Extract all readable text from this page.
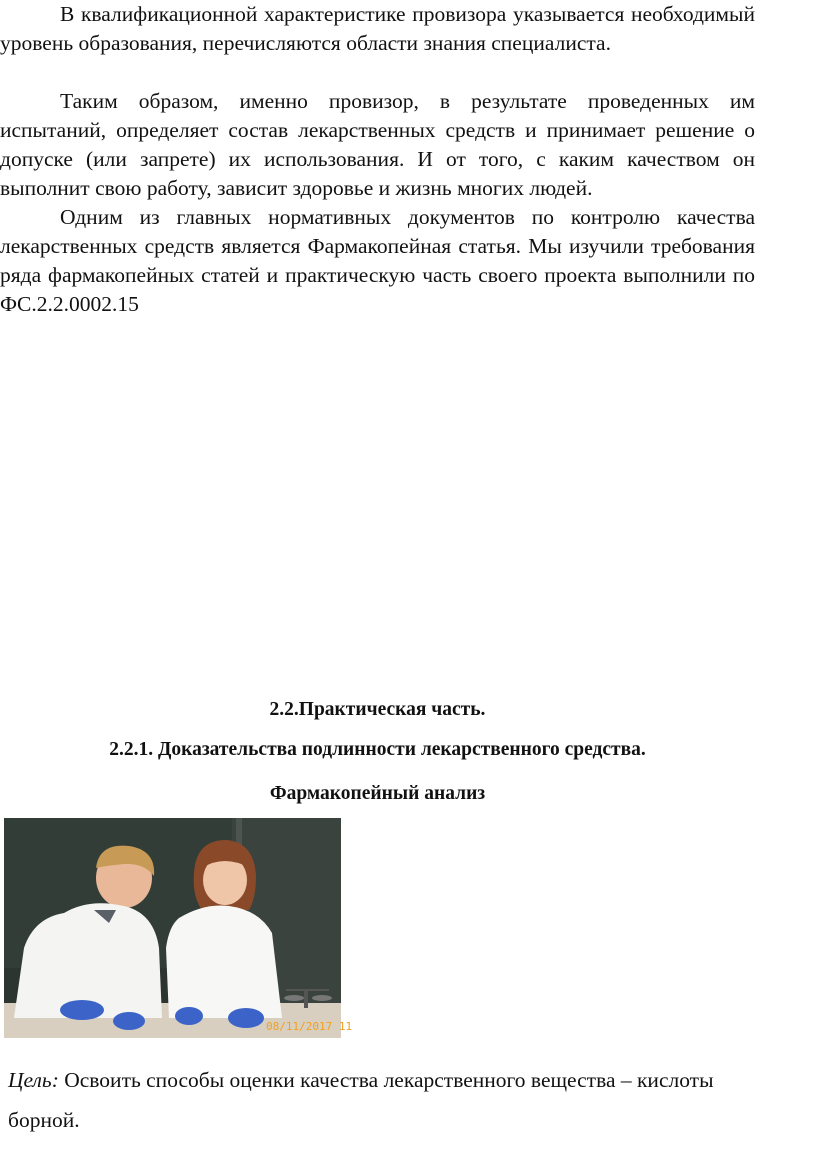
В квалификационной характеристике провизора указывается необходимый уровень образования, перечисляются области знания специалиста.

Таким образом, именно провизор, в результате проведенных им испытаний, определяет состав лекарственных средств и принимает решение о допуске (или запрете) их использования. И от того, с каким качеством он выполнит свою работу, зависит здоровье и жизнь многих людей.

Одним из главных нормативных документов по контролю качества лекарственных средств является Фармакопейная статья. Мы изучили требования ряда фармакопейных статей и практическую часть своего проекта выполнили по ФС.2.2.0002.15

2.2.Практическая часть.

2.2.1. Доказательства подлинности лекарственного средства.

Фармакопейный анализ

08/11/2017 11

Цель: Освоить способы оценки качества лекарственного вещества – кислоты борной.
